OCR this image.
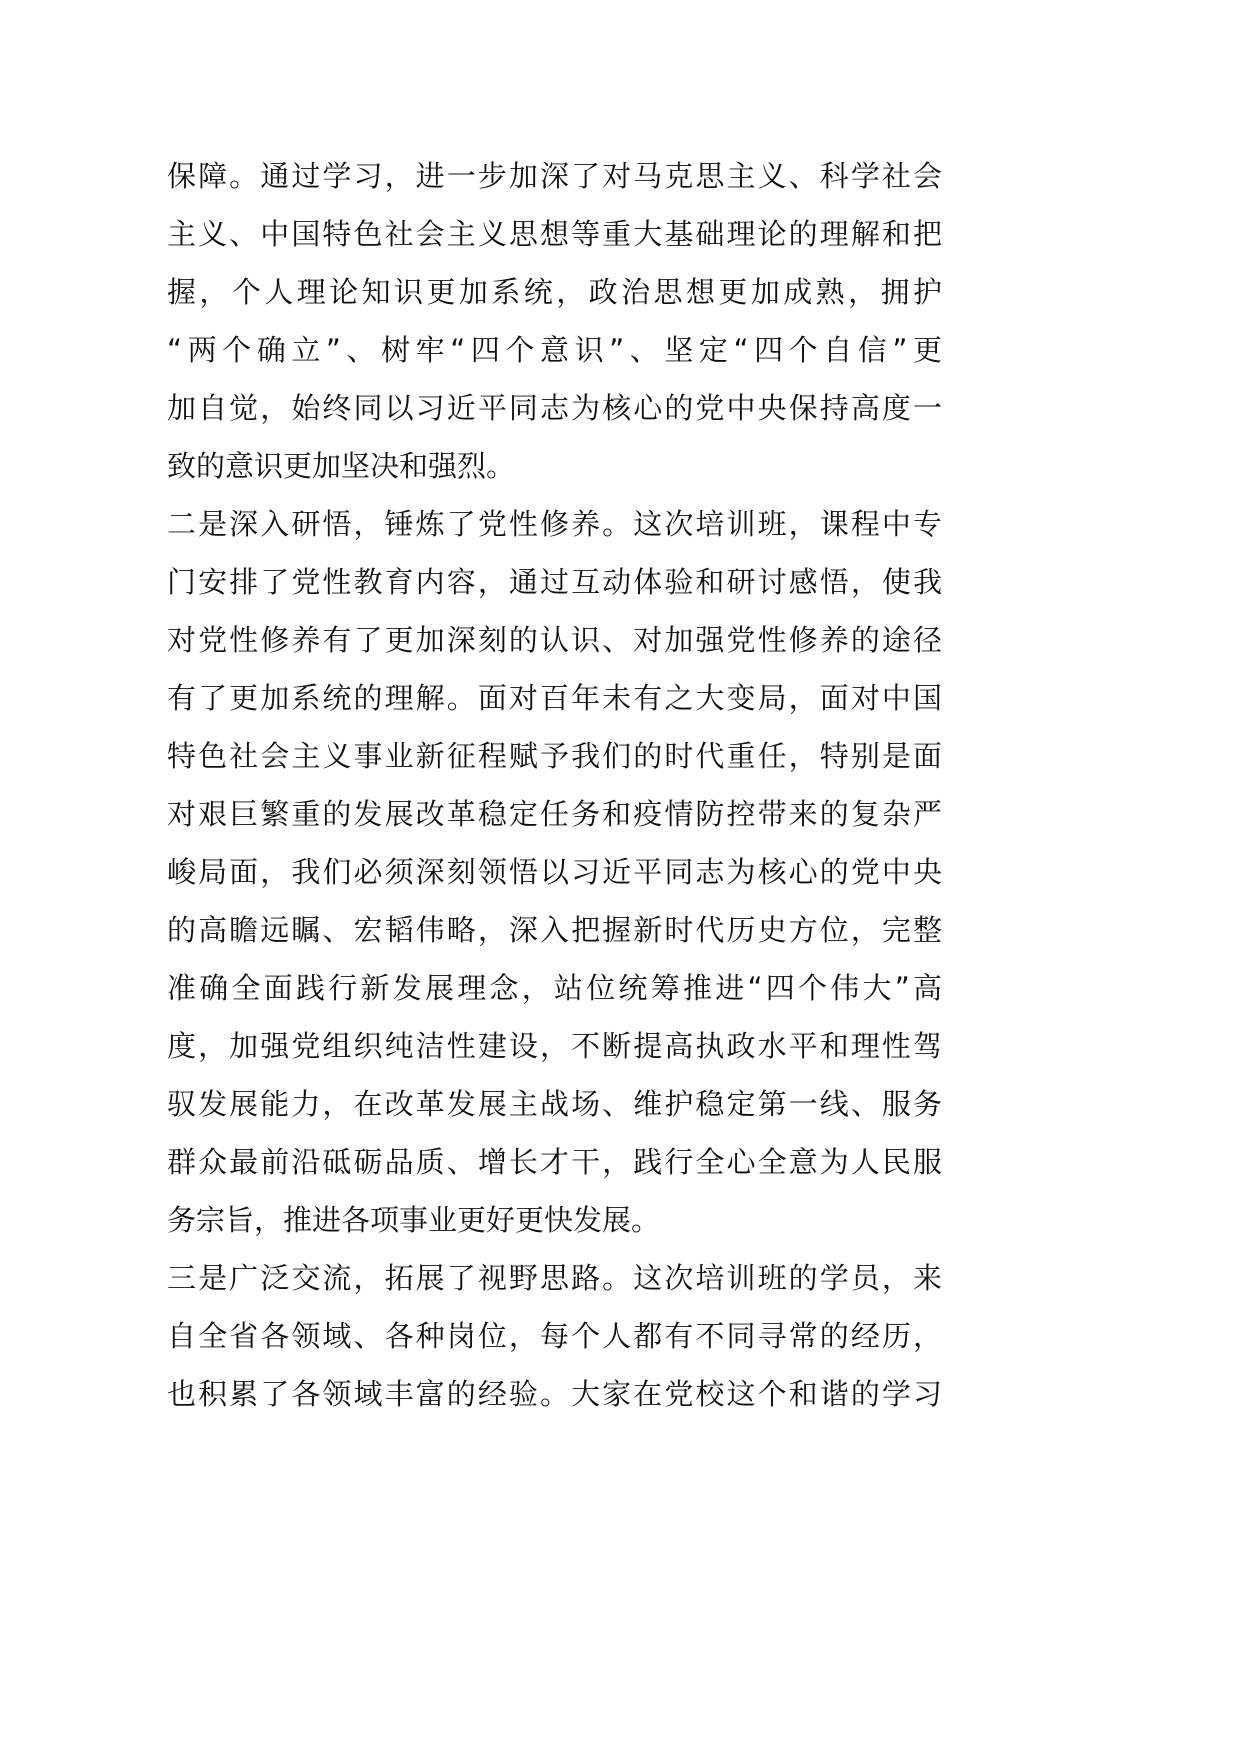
保障。通过学习，进一步加深了对马克思主义、科学社会
主义、中国特色社会主义思想等重大基础理论的理解和把
握，个人理论知识更加系统，政治思想更加成熟，拥护
“两个确立”、树牢“四个意识”、坚定“四个自信”更
加自觉，始终同以习近平同志为核心的党中央保持高度一
致的意识更加坚决和强烈。
二是深入研悟，锤炼了党性修养。这次培训班，课程中专
门安排了党性教育内容，通过互动体验和研讨感悟，使我
对党性修养有了更加深刻的认识、对加强党性修养的途径
有了更加系统的理解。面对百年未有之大变局，面对中国
特色社会主义事业新征程赋予我们的时代重任，特别是面
对艰巨繁重的发展改革稳定任务和疫情防控带来的复杂严
峻局面，我们必须深刻领悟以习近平同志为核心的党中央
的高瞻远瞩、宏韬伟略，深入把握新时代历史方位，完整
准确全面践行新发展理念，站位统筹推进“四个伟大”高
度，加强党组织纯洁性建设，不断提高执政水平和理性驾
驭发展能力，在改革发展主战场、维护稳定第一线、服务
群众最前沿砥砺品质、增长才干，践行全心全意为人民服
务宗旨，推进各项事业更好更快发展。
三是广泛交流，拓展了视野思路。这次培训班的学员，来
自全省各领域、各种岗位，每个人都有不同寻常的经历，
也积累了各领域丰富的经验。大家在党校这个和谐的学习
